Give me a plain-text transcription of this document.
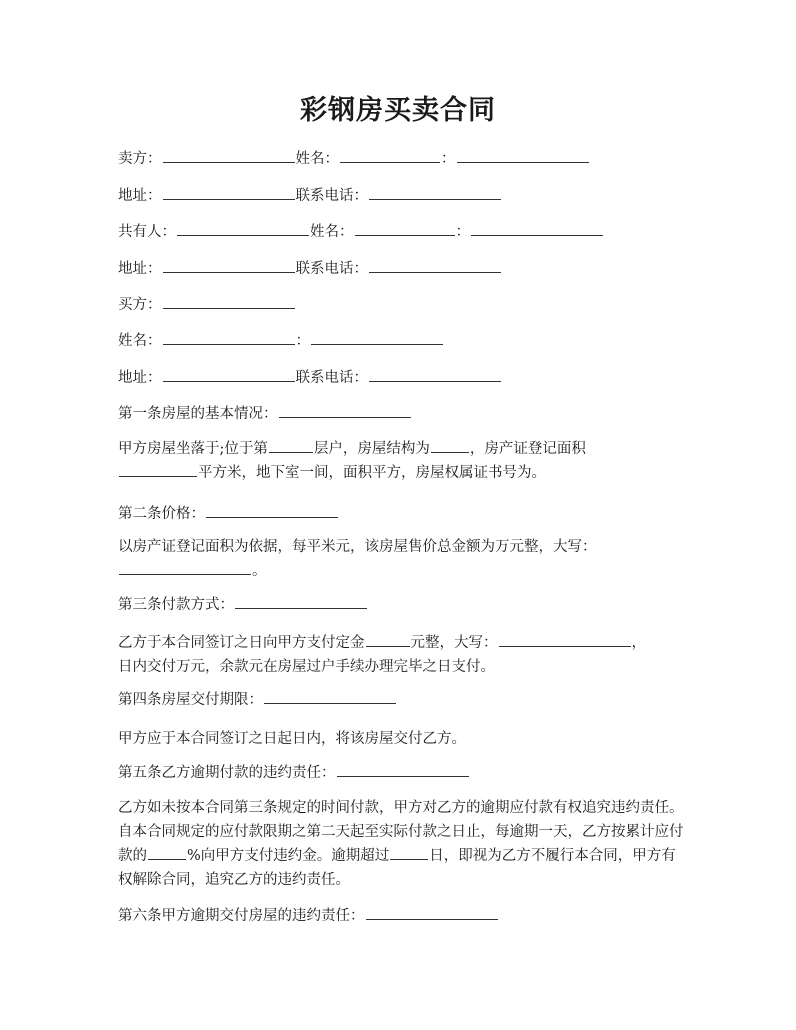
彩钢房买卖合同
卖方：	姓名：	：
地址：	联系电话：
共有人：	姓名：	：
地址：	联系电话：
买方：
姓名：	：
地址：	联系电话：
第一条房屋的基本情况：
甲方房屋坐落于;位于第	层户，房屋结构为	，房产证登记面积
平方米，地下室一间，面积平方，房屋权属证书号为。
第二条价格：
以房产证登记面积为依据，每平米元，该房屋售价总金额为万元整，大写：
。
第三条付款方式：
乙方于本合同签订之日向甲方支付定金	元整，大写：	，
日内交付万元，余款元在房屋过户手续办理完毕之日支付。
第四条房屋交付期限：
甲方应于本合同签订之日起日内，将该房屋交付乙方。
第五条乙方逾期付款的违约责任：
乙方如未按本合同第三条规定的时间付款，甲方对乙方的逾期应付款有权追究违约责任。自本合同规定的应付款限期之第二天起至实际付款之日止，每逾期一天，乙方按累计应付款的	%向甲方支付违约金。逾期超过	日，即视为乙方不履行本合同，甲方有权解除合同，追究乙方的违约责任。
第六条甲方逾期交付房屋的违约责任：
